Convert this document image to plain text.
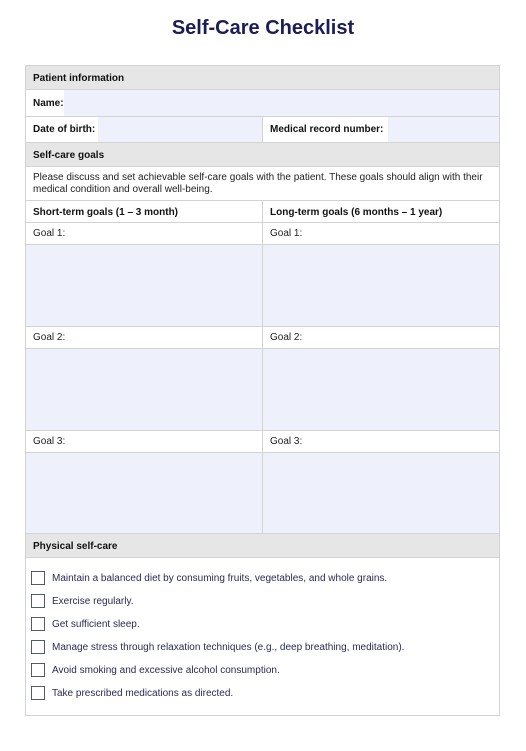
Self-Care Checklist
Patient information
Name:
Date of birth:	Medical record number:
Self-care goals
Please discuss and set achievable self-care goals with the patient. These goals should align with their medical condition and overall well-being.
Short-term goals (1 – 3 month)	Long-term goals (6 months – 1 year)
Goal 1:	Goal 1:
Goal 2:	Goal 2:
Goal 3:	Goal 3:
Physical self-care
Maintain a balanced diet by consuming fruits, vegetables, and whole grains.
Exercise regularly.
Get sufficient sleep.
Manage stress through relaxation techniques (e.g., deep breathing, meditation).
Avoid smoking and excessive alcohol consumption.
Take prescribed medications as directed.
